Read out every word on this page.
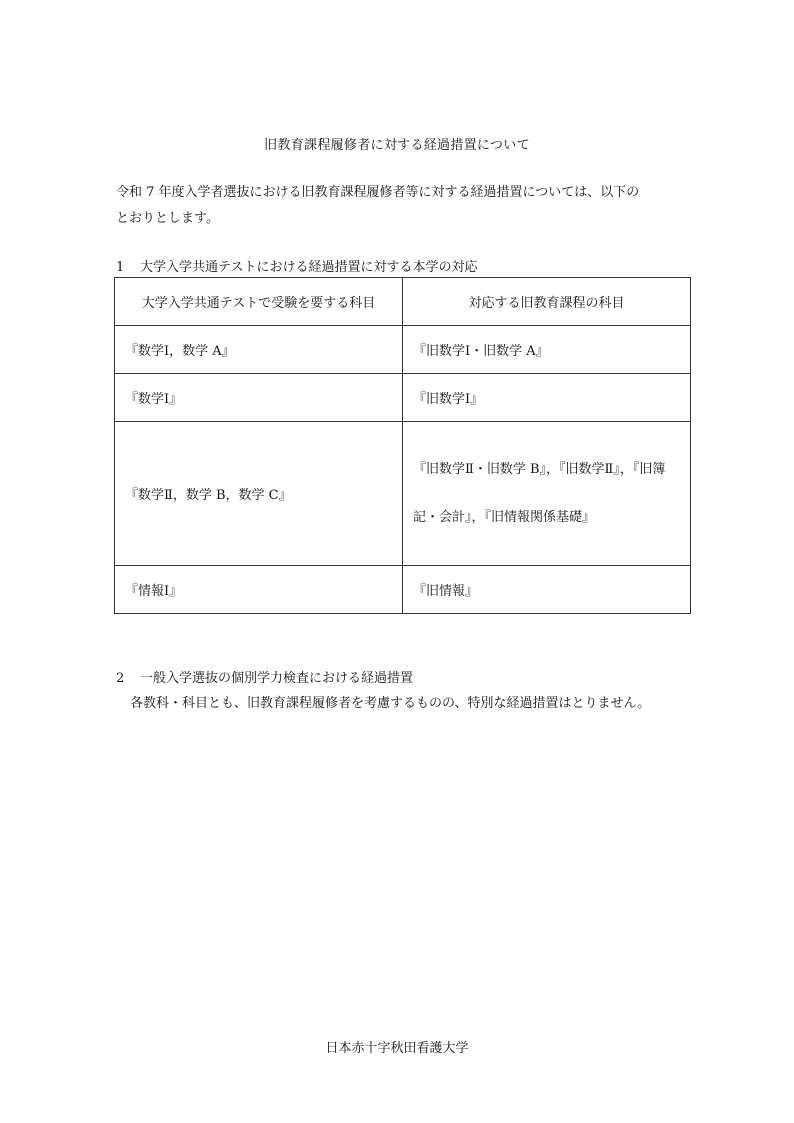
旧教育課程履修者に対する経過措置について
令和 7 年度入学者選抜における旧教育課程履修者等に対する経過措置については、以下の
とおりとします。
1 大学入学共通テストにおける経過措置に対する本学の対応
大学入学共通テストで受験を要する科目	対応する旧教育課程の科目
『数学Ⅰ，数学 A』	『旧数学Ⅰ・旧数学 A』
『数学Ⅰ』	『旧数学Ⅰ』
『数学Ⅱ，数学 B，数学 C』	『旧数学Ⅱ・旧数学 B』，『旧数学Ⅱ』，『旧簿記・会計』，『旧情報関係基礎』
『情報Ⅰ』	『旧情報』
2 一般入学選抜の個別学力検査における経過措置
各教科・科目とも、旧教育課程履修者を考慮するものの、特別な経過措置はとりません。
日本赤十字秋田看護大学
